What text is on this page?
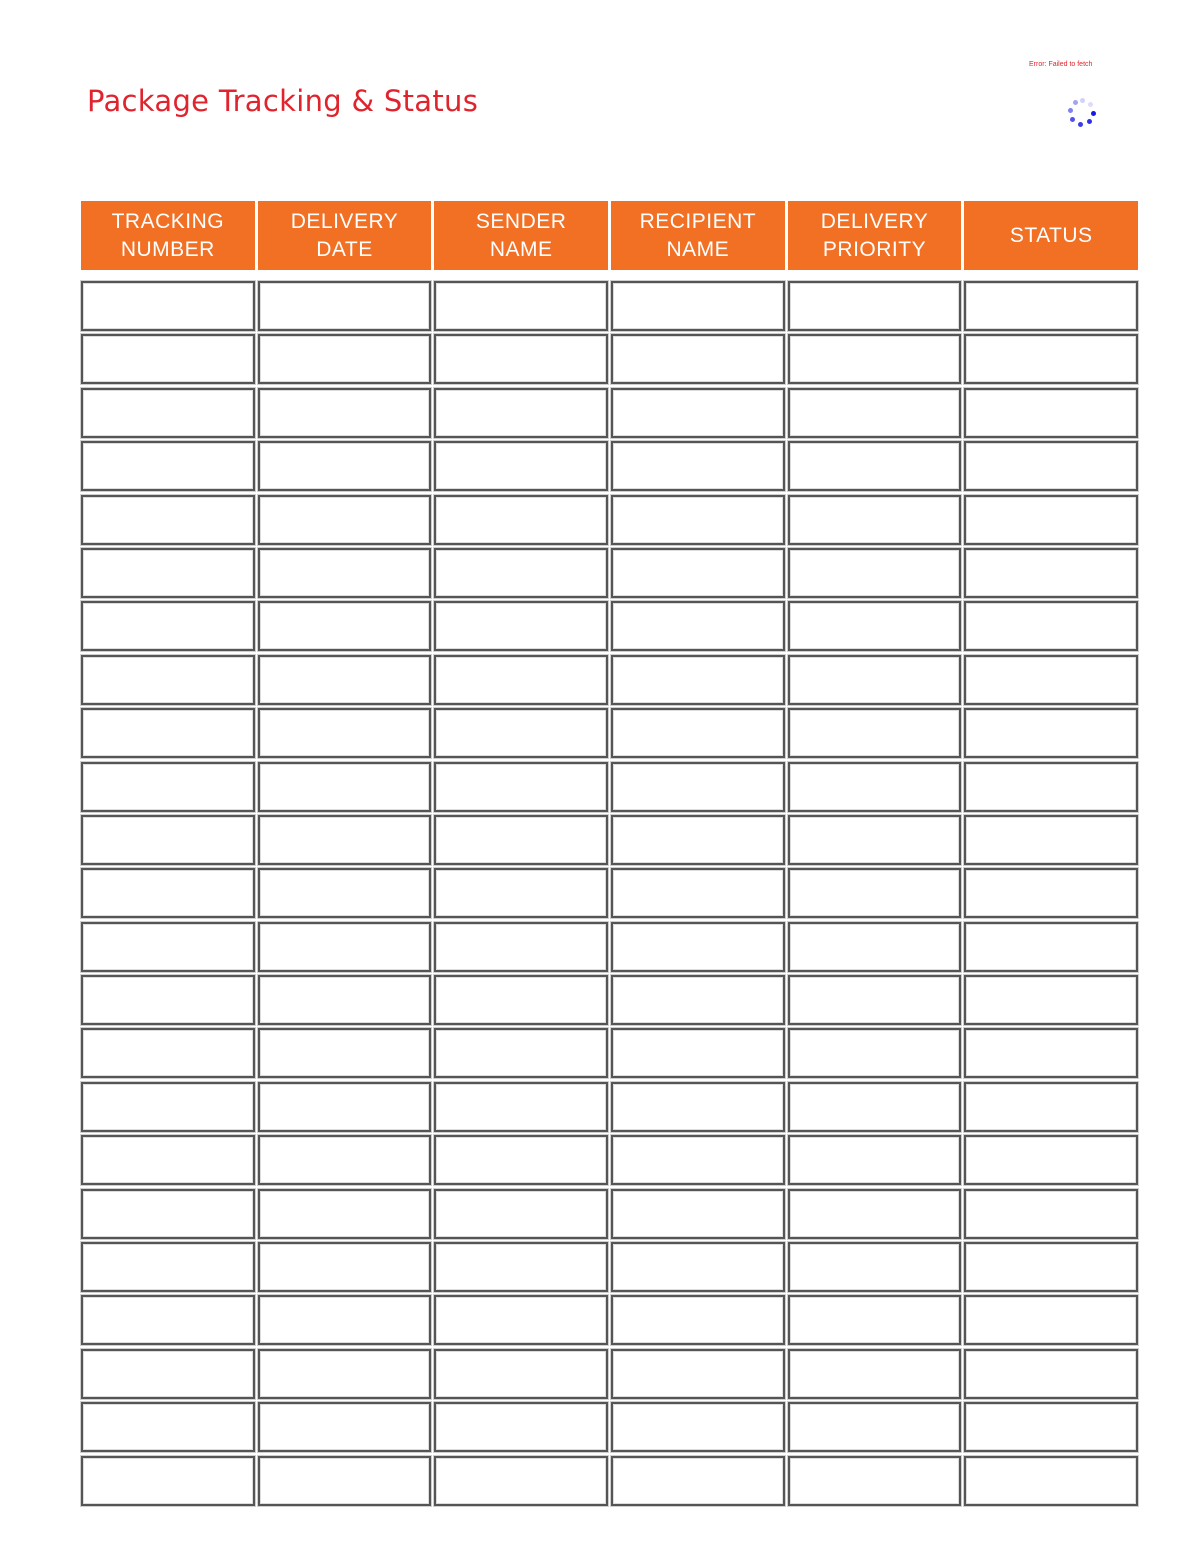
Package Tracking & Status
Error: Failed to fetch
TRACKING
NUMBER
DELIVERY
DATE
SENDER
NAME
RECIPIENT
NAME
DELIVERY
PRIORITY
STATUS
